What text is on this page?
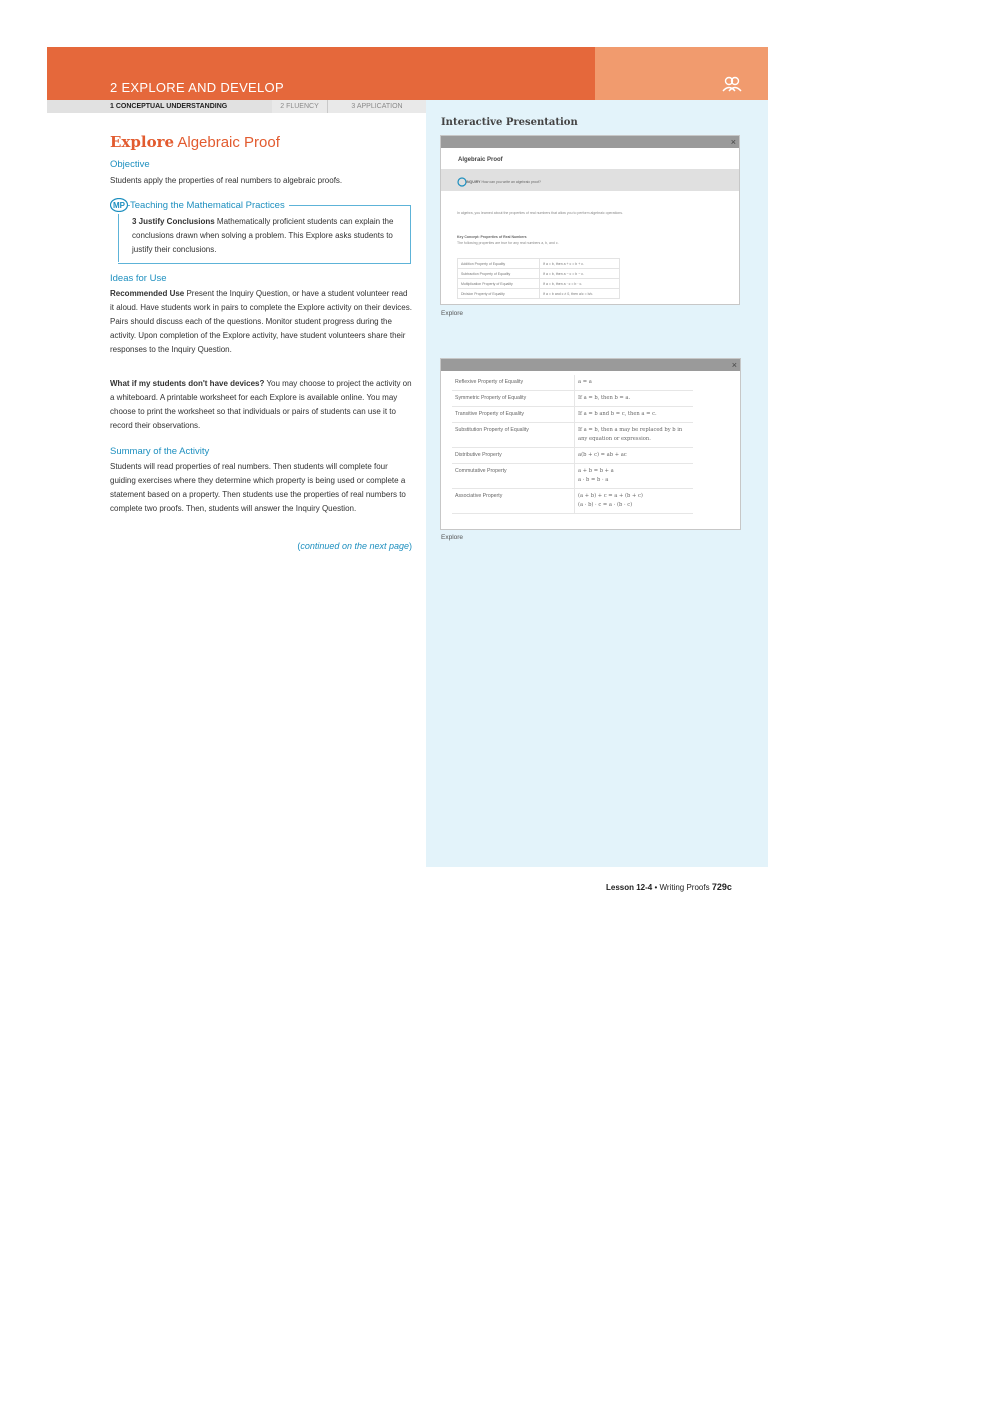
2 EXPLORE AND DEVELOP
1 CONCEPTUAL UNDERSTANDING	2 FLUENCY	3 APPLICATION
Interactive Presentation
Explore Algebraic Proof
Objective
Students apply the properties of real numbers to algebraic proofs.
MP Teaching the Mathematical Practices
3 Justify Conclusions Mathematically proficient students can explain the conclusions drawn when solving a problem. This Explore asks students to justify their conclusions.
Ideas for Use
Recommended Use Present the Inquiry Question, or have a student volunteer read it aloud. Have students work in pairs to complete the Explore activity on their devices. Pairs should discuss each of the questions. Monitor student progress during the activity. Upon completion of the Explore activity, have student volunteers share their responses to the Inquiry Question.
What if my students don't have devices? You may choose to project the activity on a whiteboard. A printable worksheet for each Explore is available online. You may choose to print the worksheet so that individuals or pairs of students can use it to record their observations.
Summary of the Activity
Students will read properties of real numbers. Then students will complete four guiding exercises where they determine which property is being used or complete a statement based on a property. Then students use the properties of real numbers to complete two proofs. Then, students will answer the Inquiry Question.
(continued on the next page)
×
Algebraic Proof
INQUIRY How can you write an algebraic proof?
In algebra, you learned about the properties of real numbers that allow you to perform algebraic operations.
Key Concept: Properties of Real Numbers
The following properties are true for any real numbers a, b, and c.
Addition Property of Equality	If a = b, then a + c = b + c.
Subtraction Property of Equality	If a = b, then a − c = b − c.
Multiplication Property of Equality	If a = b, then a · c = b · c.
Division Property of Equality	If a = b and c ≠ 0, then a/c = b/c.
Explore
×
Reflexive Property of Equality	a = a
Symmetric Property of Equality	If a = b, then b = a.
Transitive Property of Equality	If a = b and b = c, then a = c.
Substitution Property of Equality	If a = b, then a may be replaced by b in any equation or expression.
Distributive Property	a(b + c) = ab + ac
Commutative Property	a + b = b + a
a · b = b · a
Associative Property	(a + b) + c = a + (b + c)
(a · b) · c = a · (b · c)
Explore
Lesson 12-4 • Writing Proofs 729c
